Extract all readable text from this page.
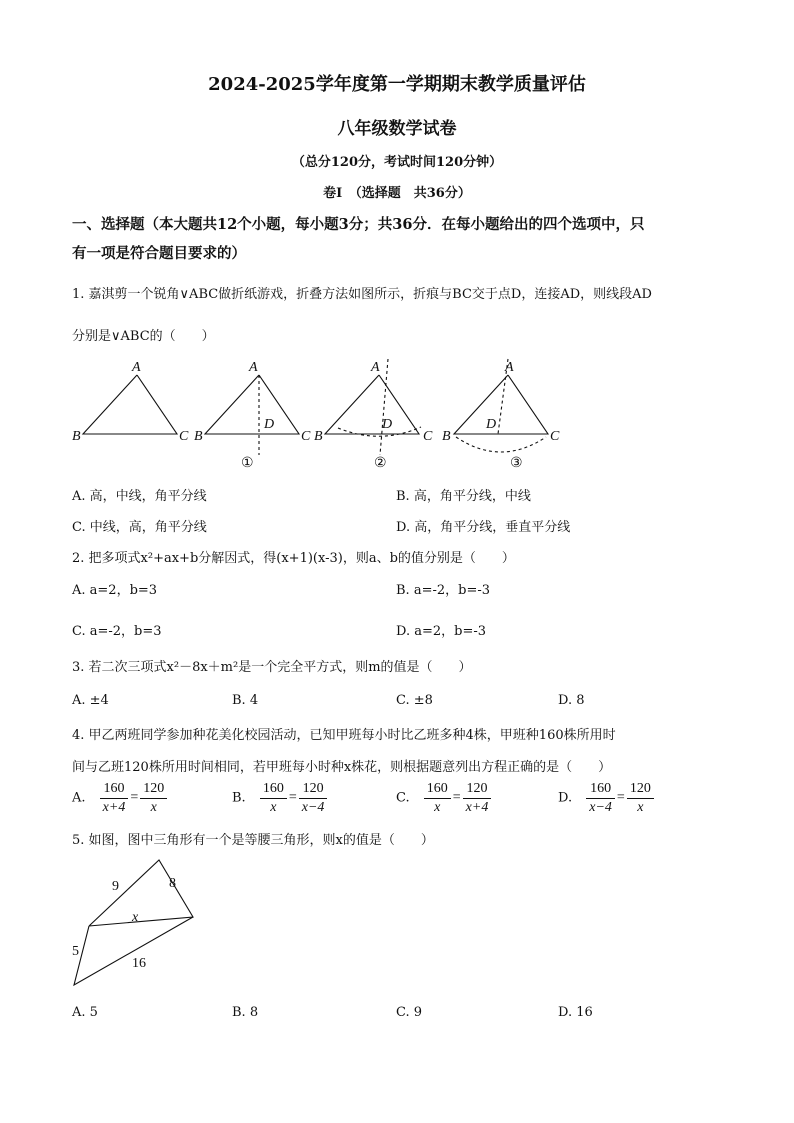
2024-2025学年度第一学期期末教学质量评估
八年级数学试卷
（总分120分，考试时间120分钟）
卷I　（选择题　共36分）
一、选择题（本大题共12个小题，每小题3分；共36分．在每小题给出的四个选项中，只
有一项是符合题目要求的）
1. 嘉淇剪一个锐角∨ABC做折纸游戏，折叠方法如图所示，折痕与BC交于点D，连接AD，则线段AD
分别是∨ABC的（　　）
A
B	C
A
B	C
D
A
B	C
D
A
B	C
D
①	②	③
A. 高，中线，角平分线	B. 高，角平分线，中线
C. 中线，高，角平分线	D. 高，角平分线，垂直平分线
2. 把多项式x²+ax+b分解因式，得(x+1)(x-3)，则a、b的值分别是（　　）
A. a=2，b=3	B. a=-2，b=-3
C. a=-2，b=3	D. a=2，b=-3
3. 若二次三项式x²－8x＋m²是一个完全平方式，则m的值是（　　）
A. ±4	B. 4	C. ±8	D. 8
4. 甲乙两班同学参加种花美化校园活动，已知甲班每小时比乙班多种4株，甲班种160株所用时
间与乙班120株所用时间相同，若甲班每小时种x株花，则根据题意列出方程正确的是（　　）
A. $\frac{160}{x+4} = \frac{120}{x}$	B. $\frac{160}{x} = \frac{120}{x-4}$	C. $\frac{160}{x} = \frac{120}{x+4}$	D. $\frac{160}{x-4} = \frac{120}{x}$
5. 如图，图中三角形有一个是等腰三角形，则x的值是（　　）
9	8
x
5
16
A. 5	B. 8	C. 9	D. 16
